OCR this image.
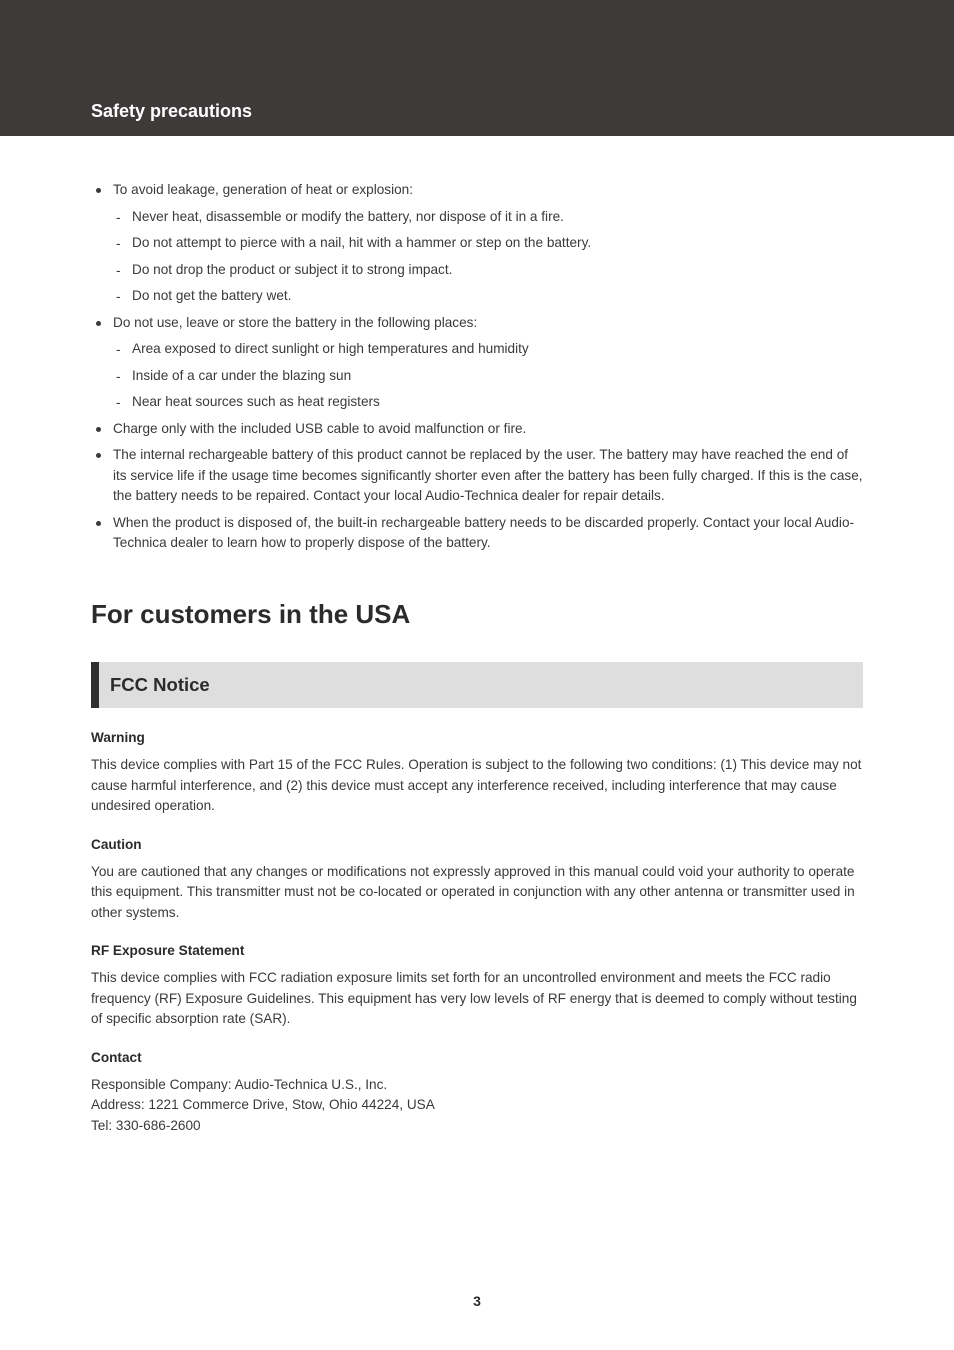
Safety precautions
To avoid leakage, generation of heat or explosion:
- Never heat, disassemble or modify the battery, nor dispose of it in a fire.
- Do not attempt to pierce with a nail, hit with a hammer or step on the battery.
- Do not drop the product or subject it to strong impact.
- Do not get the battery wet.
Do not use, leave or store the battery in the following places:
- Area exposed to direct sunlight or high temperatures and humidity
- Inside of a car under the blazing sun
- Near heat sources such as heat registers
Charge only with the included USB cable to avoid malfunction or fire.
The internal rechargeable battery of this product cannot be replaced by the user. The battery may have reached the end of its service life if the usage time becomes significantly shorter even after the battery has been fully charged. If this is the case, the battery needs to be repaired. Contact your local Audio-Technica dealer for repair details.
When the product is disposed of, the built-in rechargeable battery needs to be discarded properly. Contact your local Audio-Technica dealer to learn how to properly dispose of the battery.
For customers in the USA
FCC Notice
Warning

This device complies with Part 15 of the FCC Rules. Operation is subject to the following two conditions: (1) This device may not cause harmful interference, and (2) this device must accept any interference received, including interference that may cause undesired operation.

Caution

You are cautioned that any changes or modifications not expressly approved in this manual could void your authority to operate this equipment. This transmitter must not be co-located or operated in conjunction with any other antenna or transmitter used in other systems.

RF Exposure Statement

This device complies with FCC radiation exposure limits set forth for an uncontrolled environment and meets the FCC radio frequency (RF) Exposure Guidelines. This equipment has very low levels of RF energy that is deemed to comply without testing of specific absorption rate (SAR).

Contact
Responsible Company: Audio-Technica U.S., Inc.
Address: 1221 Commerce Drive, Stow, Ohio 44224, USA
Tel: 330-686-2600
3
